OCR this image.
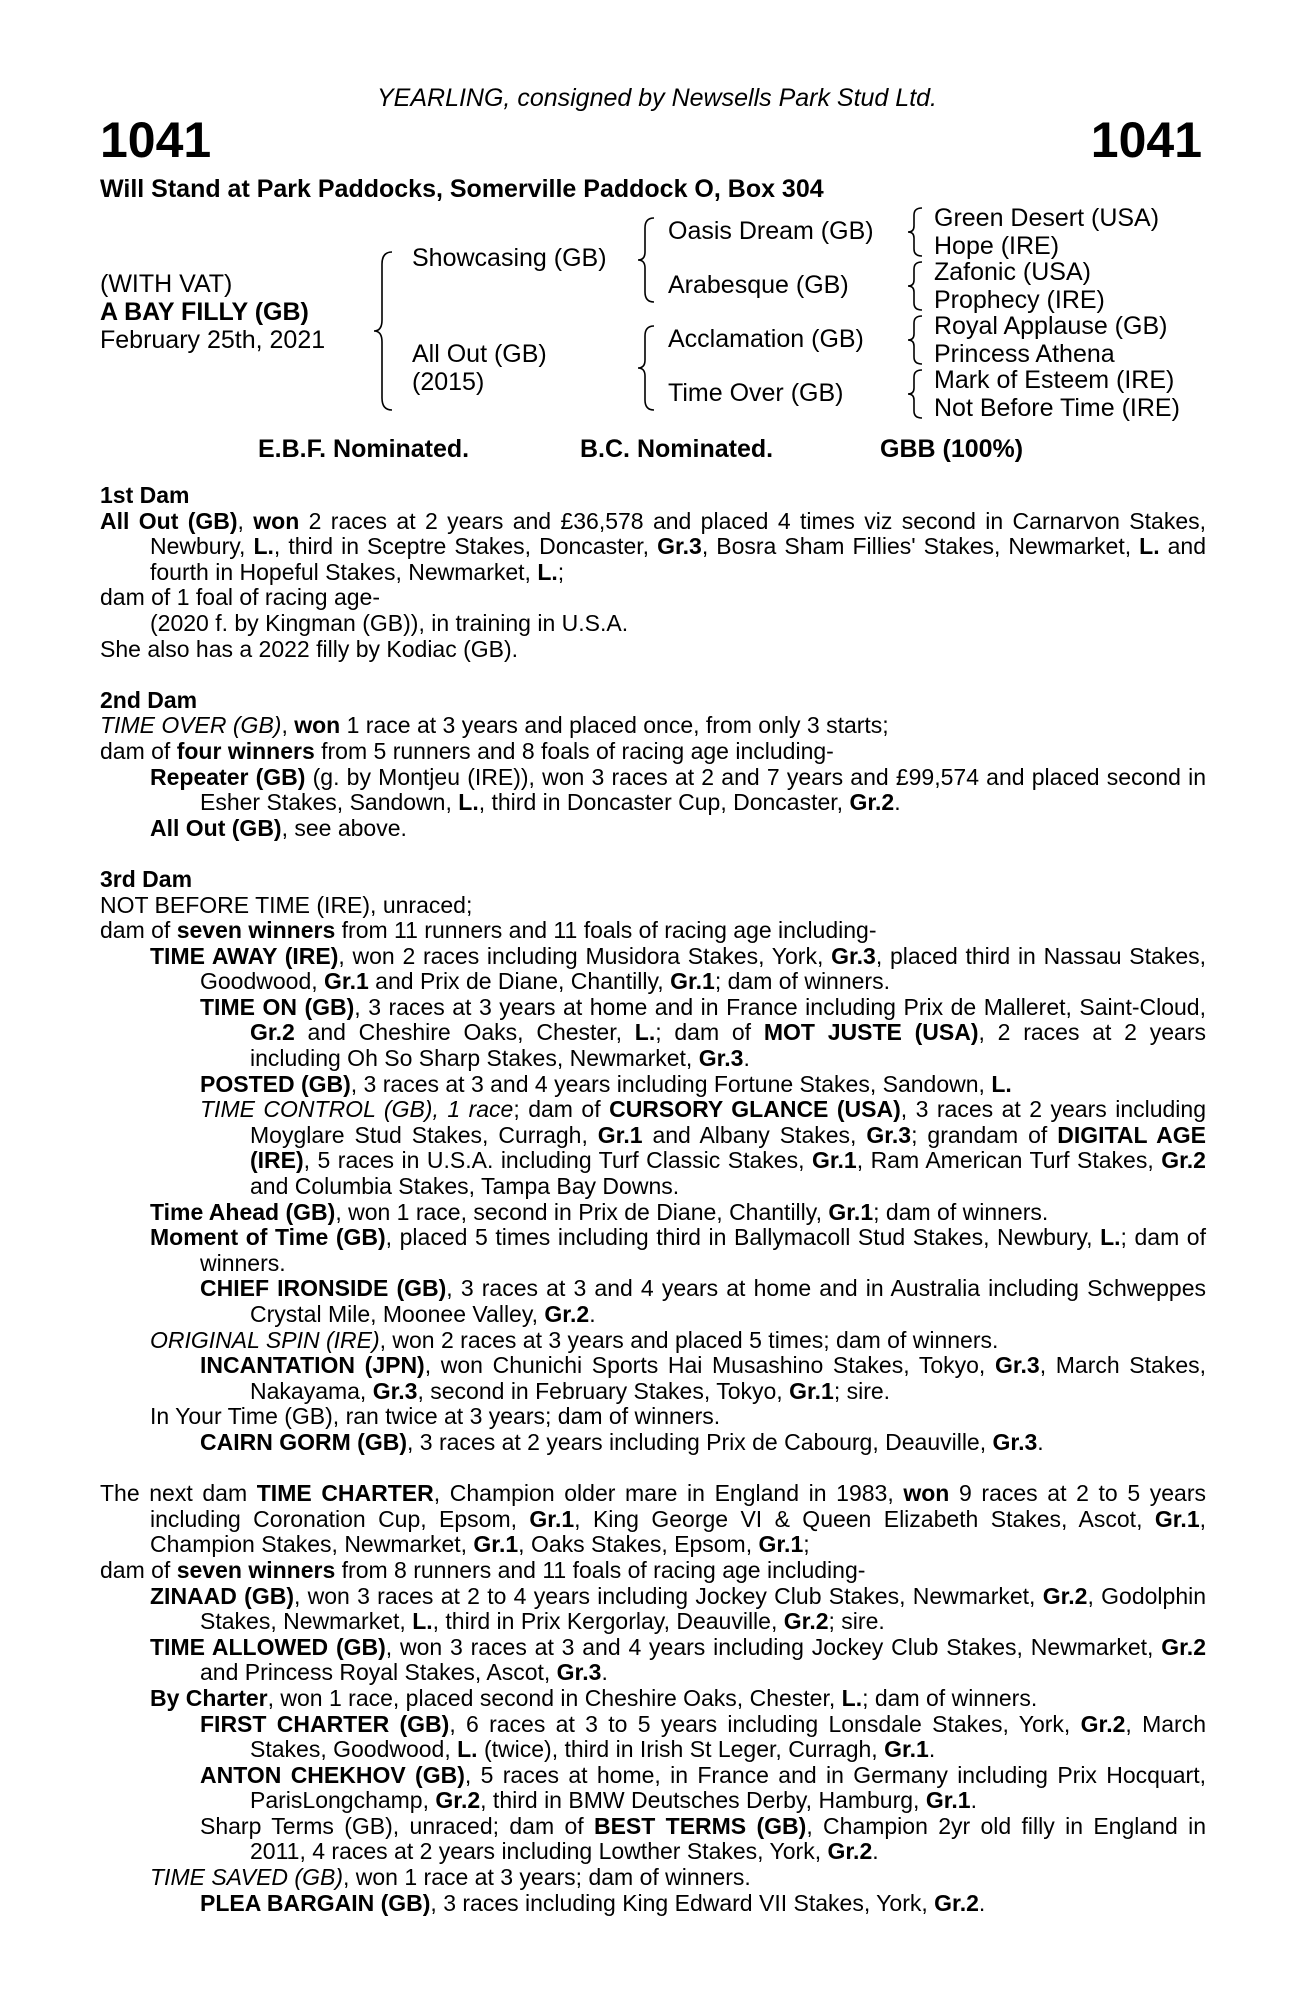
YEARLING, consigned by Newsells Park Stud Ltd.
1041	1041
Will Stand at Park Paddocks, Somerville Paddock O, Box 304
(WITH VAT)
A BAY FILLY (GB)
February 25th, 2021
Showcasing (GB)
All Out (GB)
(2015)
Oasis Dream (GB)
Arabesque (GB)
Acclamation (GB)
Time Over (GB)
Green Desert (USA)
Hope (IRE)
Zafonic (USA)
Prophecy (IRE)
Royal Applause (GB)
Princess Athena
Mark of Esteem (IRE)
Not Before Time (IRE)
E.B.F. Nominated.	B.C. Nominated.	GBB (100%)
1st Dam

All Out (GB), won 2 races at 2 years and £36,578 and placed 4 times viz second in Carnarvon Stakes, Newbury, L., third in Sceptre Stakes, Doncaster, Gr.3, Bosra Sham Fillies' Stakes, Newmarket, L. and fourth in Hopeful Stakes, Newmarket, L.;

dam of 1 foal of racing age-

(2020 f. by Kingman (GB)), in training in U.S.A.

She also has a 2022 filly by Kodiac (GB).

2nd Dam

TIME OVER (GB), won 1 race at 3 years and placed once, from only 3 starts;

dam of four winners from 5 runners and 8 foals of racing age including-

Repeater (GB) (g. by Montjeu (IRE)), won 3 races at 2 and 7 years and £99,574 and placed second in Esher Stakes, Sandown, L., third in Doncaster Cup, Doncaster, Gr.2.

All Out (GB), see above.

3rd Dam

NOT BEFORE TIME (IRE), unraced;

dam of seven winners from 11 runners and 11 foals of racing age including-

TIME AWAY (IRE), won 2 races including Musidora Stakes, York, Gr.3, placed third in Nassau Stakes, Goodwood, Gr.1 and Prix de Diane, Chantilly, Gr.1; dam of winners.

TIME ON (GB), 3 races at 3 years at home and in France including Prix de Malleret, Saint-Cloud, Gr.2 and Cheshire Oaks, Chester, L.; dam of MOT JUSTE (USA), 2 races at 2 years including Oh So Sharp Stakes, Newmarket, Gr.3.

POSTED (GB), 3 races at 3 and 4 years including Fortune Stakes, Sandown, L.

TIME CONTROL (GB), 1 race; dam of CURSORY GLANCE (USA), 3 races at 2 years including Moyglare Stud Stakes, Curragh, Gr.1 and Albany Stakes, Gr.3; grandam of DIGITAL AGE (IRE), 5 races in U.S.A. including Turf Classic Stakes, Gr.1, Ram American Turf Stakes, Gr.2 and Columbia Stakes, Tampa Bay Downs.

Time Ahead (GB), won 1 race, second in Prix de Diane, Chantilly, Gr.1; dam of winners.

Moment of Time (GB), placed 5 times including third in Ballymacoll Stud Stakes, Newbury, L.; dam of winners.

CHIEF IRONSIDE (GB), 3 races at 3 and 4 years at home and in Australia including Schweppes Crystal Mile, Moonee Valley, Gr.2.

ORIGINAL SPIN (IRE), won 2 races at 3 years and placed 5 times; dam of winners.

INCANTATION (JPN), won Chunichi Sports Hai Musashino Stakes, Tokyo, Gr.3, March Stakes, Nakayama, Gr.3, second in February Stakes, Tokyo, Gr.1; sire.

In Your Time (GB), ran twice at 3 years; dam of winners.

CAIRN GORM (GB), 3 races at 2 years including Prix de Cabourg, Deauville, Gr.3.

The next dam TIME CHARTER, Champion older mare in England in 1983, won 9 races at 2 to 5 years including Coronation Cup, Epsom, Gr.1, King George VI & Queen Elizabeth Stakes, Ascot, Gr.1, Champion Stakes, Newmarket, Gr.1, Oaks Stakes, Epsom, Gr.1;

dam of seven winners from 8 runners and 11 foals of racing age including-

ZINAAD (GB), won 3 races at 2 to 4 years including Jockey Club Stakes, Newmarket, Gr.2, Godolphin Stakes, Newmarket, L., third in Prix Kergorlay, Deauville, Gr.2; sire.

TIME ALLOWED (GB), won 3 races at 3 and 4 years including Jockey Club Stakes, Newmarket, Gr.2 and Princess Royal Stakes, Ascot, Gr.3.

By Charter, won 1 race, placed second in Cheshire Oaks, Chester, L.; dam of winners.

FIRST CHARTER (GB), 6 races at 3 to 5 years including Lonsdale Stakes, York, Gr.2, March Stakes, Goodwood, L. (twice), third in Irish St Leger, Curragh, Gr.1.

ANTON CHEKHOV (GB), 5 races at home, in France and in Germany including Prix Hocquart, ParisLongchamp, Gr.2, third in BMW Deutsches Derby, Hamburg, Gr.1.

Sharp Terms (GB), unraced; dam of BEST TERMS (GB), Champion 2yr old filly in England in 2011, 4 races at 2 years including Lowther Stakes, York, Gr.2.

TIME SAVED (GB), won 1 race at 3 years; dam of winners.

PLEA BARGAIN (GB), 3 races including King Edward VII Stakes, York, Gr.2.
